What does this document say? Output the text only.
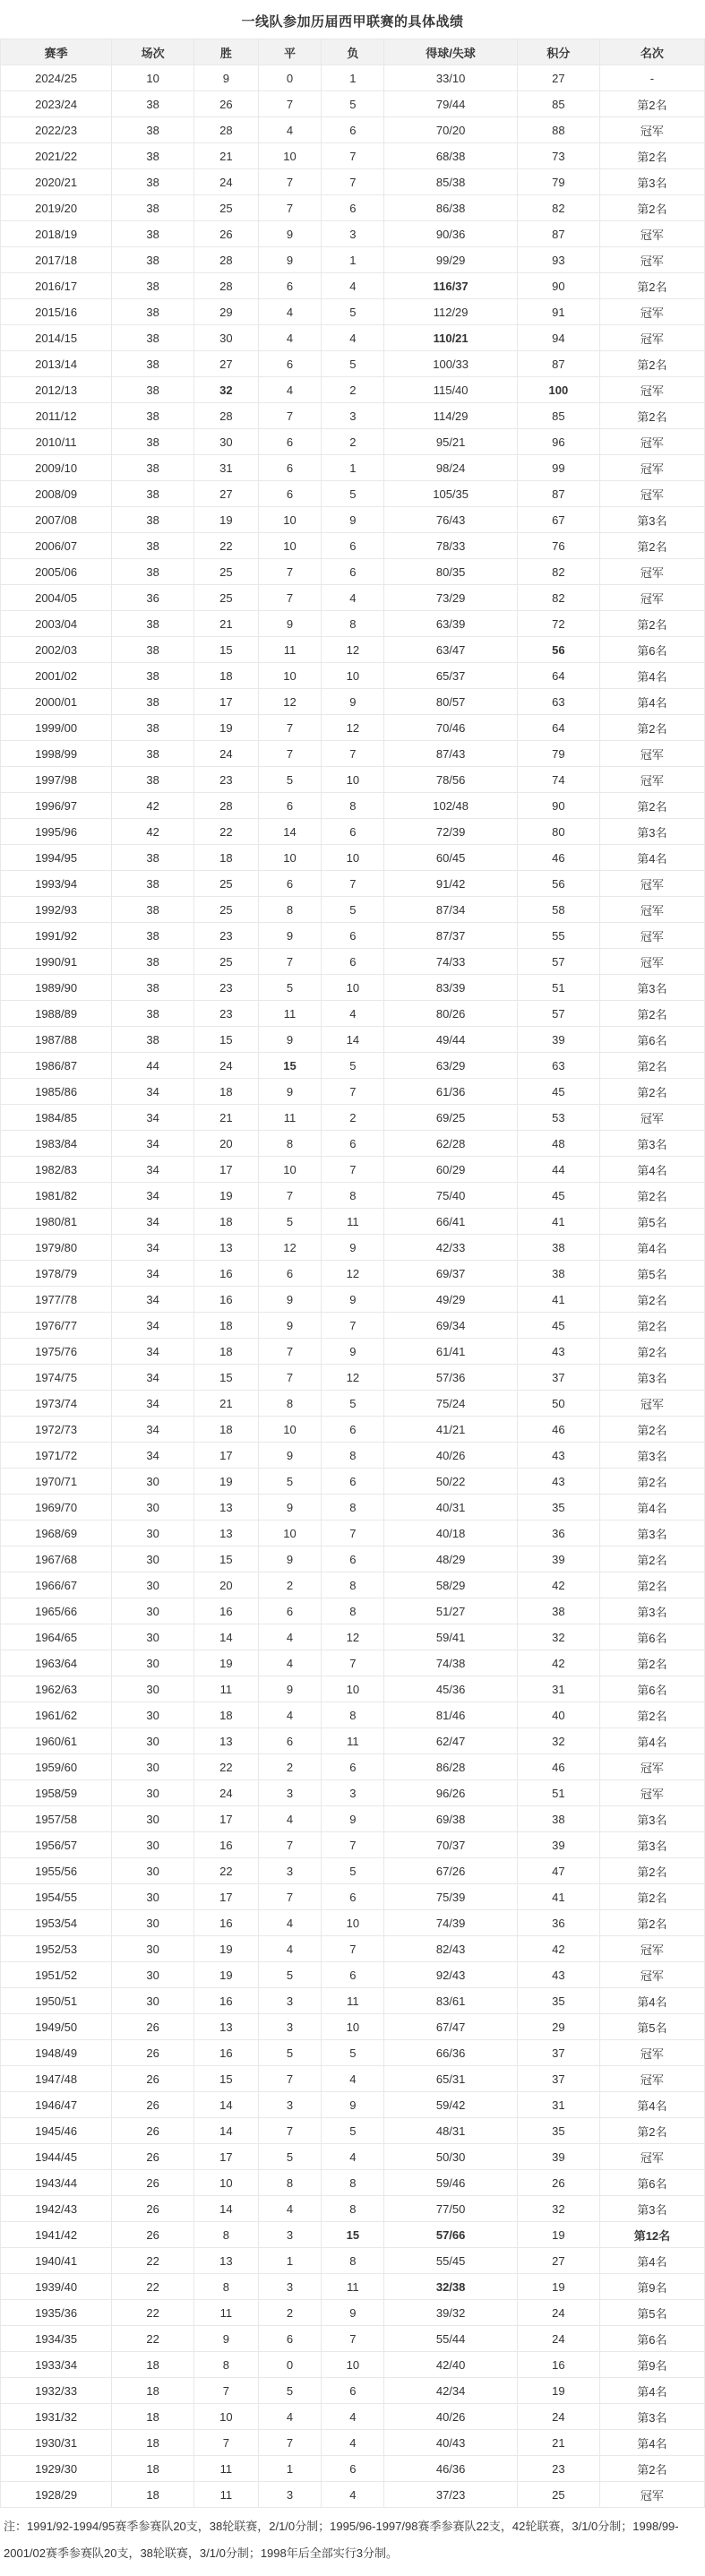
一线队参加历届西甲联赛的具体战绩
赛季	场次	胜	平	负	得球/失球	积分	名次
2024/25	10	9	0	1	33/10	27	-
2023/24	38	26	7	5	79/44	85	第2名
2022/23	38	28	4	6	70/20	88	冠军
2021/22	38	21	10	7	68/38	73	第2名
2020/21	38	24	7	7	85/38	79	第3名
2019/20	38	25	7	6	86/38	82	第2名
2018/19	38	26	9	3	90/36	87	冠军
2017/18	38	28	9	1	99/29	93	冠军
2016/17	38	28	6	4	116/37	90	第2名
2015/16	38	29	4	5	112/29	91	冠军
2014/15	38	30	4	4	110/21	94	冠军
2013/14	38	27	6	5	100/33	87	第2名
2012/13	38	32	4	2	115/40	100	冠军
2011/12	38	28	7	3	114/29	85	第2名
2010/11	38	30	6	2	95/21	96	冠军
2009/10	38	31	6	1	98/24	99	冠军
2008/09	38	27	6	5	105/35	87	冠军
2007/08	38	19	10	9	76/43	67	第3名
2006/07	38	22	10	6	78/33	76	第2名
2005/06	38	25	7	6	80/35	82	冠军
2004/05	36	25	7	4	73/29	82	冠军
2003/04	38	21	9	8	63/39	72	第2名
2002/03	38	15	11	12	63/47	56	第6名
2001/02	38	18	10	10	65/37	64	第4名
2000/01	38	17	12	9	80/57	63	第4名
1999/00	38	19	7	12	70/46	64	第2名
1998/99	38	24	7	7	87/43	79	冠军
1997/98	38	23	5	10	78/56	74	冠军
1996/97	42	28	6	8	102/48	90	第2名
1995/96	42	22	14	6	72/39	80	第3名
1994/95	38	18	10	10	60/45	46	第4名
1993/94	38	25	6	7	91/42	56	冠军
1992/93	38	25	8	5	87/34	58	冠军
1991/92	38	23	9	6	87/37	55	冠军
1990/91	38	25	7	6	74/33	57	冠军
1989/90	38	23	5	10	83/39	51	第3名
1988/89	38	23	11	4	80/26	57	第2名
1987/88	38	15	9	14	49/44	39	第6名
1986/87	44	24	15	5	63/29	63	第2名
1985/86	34	18	9	7	61/36	45	第2名
1984/85	34	21	11	2	69/25	53	冠军
1983/84	34	20	8	6	62/28	48	第3名
1982/83	34	17	10	7	60/29	44	第4名
1981/82	34	19	7	8	75/40	45	第2名
1980/81	34	18	5	11	66/41	41	第5名
1979/80	34	13	12	9	42/33	38	第4名
1978/79	34	16	6	12	69/37	38	第5名
1977/78	34	16	9	9	49/29	41	第2名
1976/77	34	18	9	7	69/34	45	第2名
1975/76	34	18	7	9	61/41	43	第2名
1974/75	34	15	7	12	57/36	37	第3名
1973/74	34	21	8	5	75/24	50	冠军
1972/73	34	18	10	6	41/21	46	第2名
1971/72	34	17	9	8	40/26	43	第3名
1970/71	30	19	5	6	50/22	43	第2名
1969/70	30	13	9	8	40/31	35	第4名
1968/69	30	13	10	7	40/18	36	第3名
1967/68	30	15	9	6	48/29	39	第2名
1966/67	30	20	2	8	58/29	42	第2名
1965/66	30	16	6	8	51/27	38	第3名
1964/65	30	14	4	12	59/41	32	第6名
1963/64	30	19	4	7	74/38	42	第2名
1962/63	30	11	9	10	45/36	31	第6名
1961/62	30	18	4	8	81/46	40	第2名
1960/61	30	13	6	11	62/47	32	第4名
1959/60	30	22	2	6	86/28	46	冠军
1958/59	30	24	3	3	96/26	51	冠军
1957/58	30	17	4	9	69/38	38	第3名
1956/57	30	16	7	7	70/37	39	第3名
1955/56	30	22	3	5	67/26	47	第2名
1954/55	30	17	7	6	75/39	41	第2名
1953/54	30	16	4	10	74/39	36	第2名
1952/53	30	19	4	7	82/43	42	冠军
1951/52	30	19	5	6	92/43	43	冠军
1950/51	30	16	3	11	83/61	35	第4名
1949/50	26	13	3	10	67/47	29	第5名
1948/49	26	16	5	5	66/36	37	冠军
1947/48	26	15	7	4	65/31	37	冠军
1946/47	26	14	3	9	59/42	31	第4名
1945/46	26	14	7	5	48/31	35	第2名
1944/45	26	17	5	4	50/30	39	冠军
1943/44	26	10	8	8	59/46	26	第6名
1942/43	26	14	4	8	77/50	32	第3名
1941/42	26	8	3	15	57/66	19	第12名
1940/41	22	13	1	8	55/45	27	第4名
1939/40	22	8	3	11	32/38	19	第9名
1935/36	22	11	2	9	39/32	24	第5名
1934/35	22	9	6	7	55/44	24	第6名
1933/34	18	8	0	10	42/40	16	第9名
1932/33	18	7	5	6	42/34	19	第4名
1931/32	18	10	4	4	40/26	24	第3名
1930/31	18	7	7	4	40/43	21	第4名
1929/30	18	11	1	6	46/36	23	第2名
1928/29	18	11	3	4	37/23	25	冠军
注：1991/92-1994/95赛季参赛队20支，38轮联赛，2/1/0分制；1995/96-1997/98赛季参赛队22支，42轮联赛，3/1/0分制；1998/99-2001/02赛季参赛队20支，38轮联赛，3/1/0分制；1998年后全部实行3分制。
